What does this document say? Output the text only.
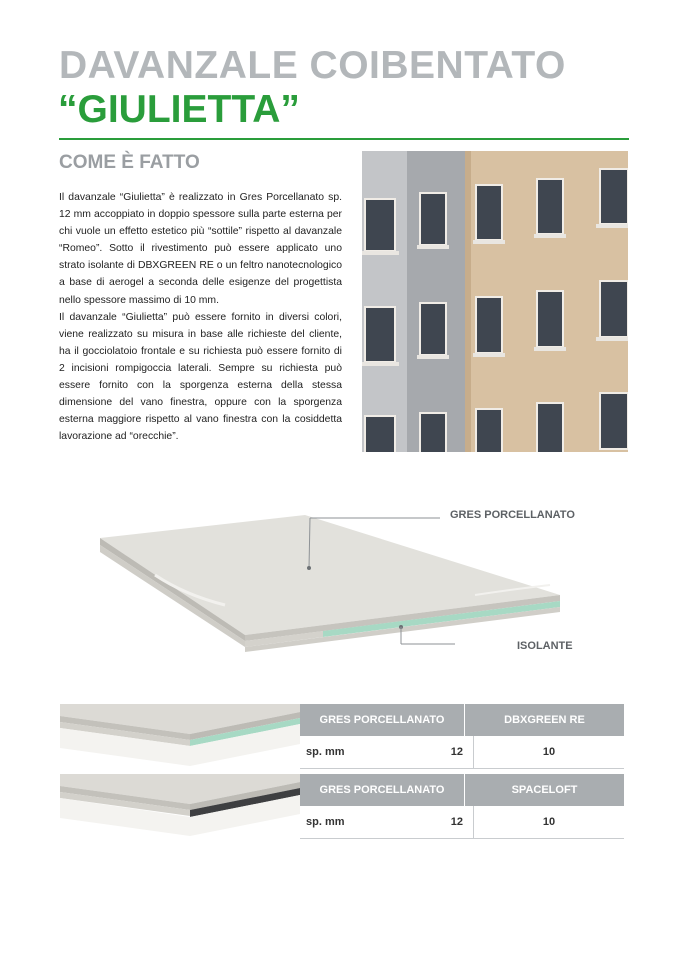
DAVANZALE COIBENTATO
“GIULIETTA”
COME È FATTO

Il davanzale “Giulietta” è realizzato in Gres Porcellanato sp. 12 mm accoppiato in doppio spessore sulla parte esterna per chi vuole un effetto estetico più “sottile” rispetto al davanzale “Romeo”. Sotto il rivestimento può essere applicato uno strato isolante di DBXGREEN RE o un feltro nanotecnologico a base di aerogel a seconda delle esigenze del progettista nello spessore massimo di 10 mm.

Il davanzale “Giulietta” può essere fornito in diversi colori, viene realizzato su misura in base alle richieste del cliente, ha il gocciolatoio frontale e su richiesta può essere fornito di 2 incisioni rompigoccia laterali. Sempre su richiesta può essere fornito con la sporgenza esterna della stessa dimensione del vano finestra, oppure con la sporgenza esterna maggiore rispetto al vano finestra con la cosiddetta lavorazione ad “orecchie”.

GRES PORCELLANATO
ISOLANTE
GRES PORCELLANATO	DBXGREEN RE
sp. mm	12	10
GRES PORCELLANATO	SPACELOFT
sp. mm	12	10
